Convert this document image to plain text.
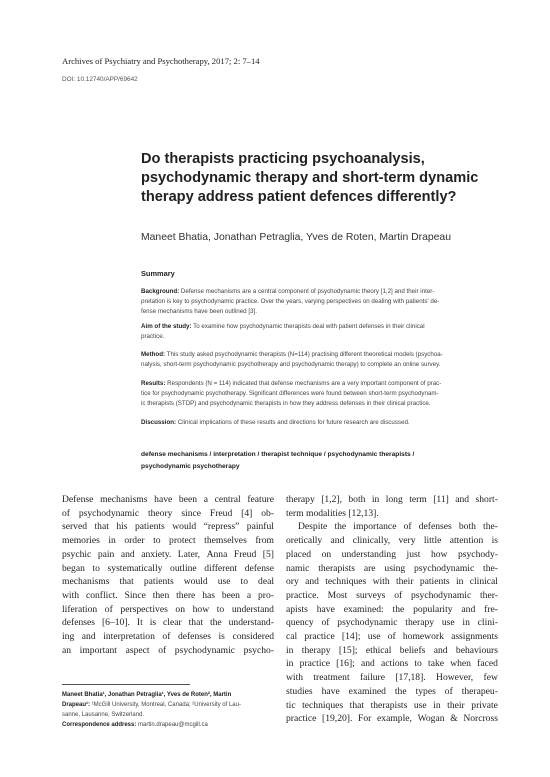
Archives of Psychiatry and Psychotherapy, 2017; 2: 7–14
DOI: 10.12740/APP/69642
Do therapists practicing psychoanalysis,
psychodynamic therapy and short-term dynamic
therapy address patient defences differently?
Maneet Bhatia, Jonathan Petraglia, Yves de Roten, Martin Drapeau
Summary
Background: Defense mechanisms are a central component of psychodynamic theory [1,2] and their inter-
pretation is key to psychodynamic practice. Over the years, varying perspectives on dealing with patients' de-
fense mechanisms have been outlined [3].
Aim of the study: To examine how psychodynamic therapists deal with patient defenses in their clinical
practice.
Method: This study asked psychodynamic therapists (N=114) practising different theoretical models (psychoa-
nalysis, short-term psychodynamic psychotherapy and psychodynamic therapy) to complete an online survey.
Results: Respondents (N = 114) indicated that defense mechanisms are a very important component of prac-
tice for psychodynamic psychotherapy. Significant differences were found between short-term psychodynam-
ic therapists (STDP) and psychodynamic therapists in how they address defenses in their clinical practice.
Discussion: Clinical implications of these results and directions for future research are discussed.
defense mechanisms / interpretation / therapist technique / psychodynamic therapists /
psychodynamic psychotherapy
Defense mechanisms have been a central feature
of psychodynamic theory since Freud [4] ob-
served that his patients would “repress” painful
memories in order to protect themselves from
psychic pain and anxiety. Later, Anna Freud [5]
began to systematically outline different defense
mechanisms that patients would use to deal
with conflict. Since then there has been a pro-
liferation of perspectives on how to understand
defenses [6–10]. It is clear that the understand-
ing and interpretation of defenses is considered
an important aspect of psychodynamic psycho-
therapy [1,2], both in long term [11] and short-
term modalities [12,13].
Despite the importance of defenses both the-
oretically and clinically, very little attention is
placed on understanding just how psychody-
namic therapists are using psychodynamic the-
ory and techniques with their patients in clinical
practice. Most surveys of psychodynamic ther-
apists have examined: the popularity and fre-
quency of psychodynamic therapy use in clini-
cal practice [14]; use of homework assignments
in therapy [15]; ethical beliefs and behaviours
in practice [16]; and actions to take when faced
with treatment failure [17,18]. However, few
studies have examined the types of therapeu-
tic techniques that therapists use in their private
practice [19,20]. For example, Wogan & Norcross
Maneet Bhatia¹, Jonathan Petraglia¹, Yves de Roten², Martin
Drapeau¹: ¹McGill University, Montreal, Canada; ²University of Lau-
sanne, Lausanne, Switzerland.
Correspondence address: martin.drapeau@mcgill.ca
